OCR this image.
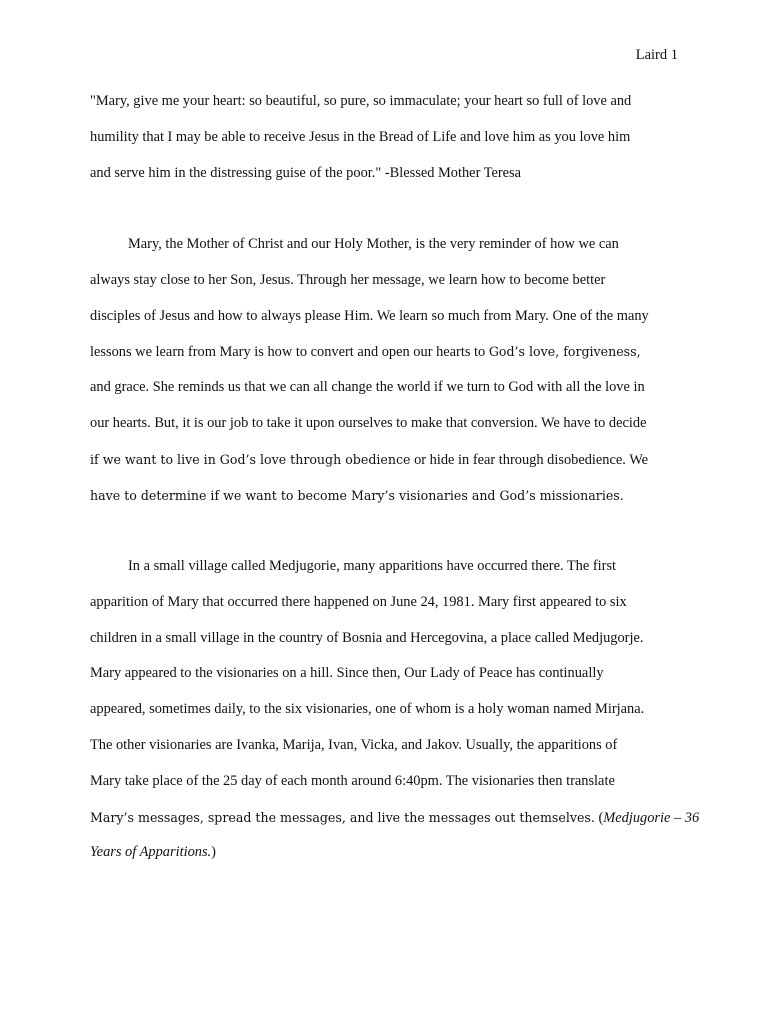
Laird 1
"Mary, give me your heart: so beautiful, so pure, so immaculate; your heart so full of love and
humility that I may be able to receive Jesus in the Bread of Life and love him as you love him
and serve him in the distressing guise of the poor." -Blessed Mother Teresa
Mary, the Mother of Christ and our Holy Mother, is the very reminder of how we can
always stay close to her Son, Jesus. Through her message, we learn how to become better
disciples of Jesus and how to always please Him. We learn so much from Mary. One of the many
lessons we learn from Mary is how to convert and open our hearts to God’s love, forgiveness,
and grace. She reminds us that we can all change the world if we turn to God with all the love in
our hearts. But, it is our job to take it upon ourselves to make that conversion. We have to decide
if we want to live in God’s love through obedience or hide in fear through disobedience. We
have to determine if we want to become Mary’s visionaries and God’s missionaries.
In a small village called Medjugorie, many apparitions have occurred there. The first
apparition of Mary that occurred there happened on June 24, 1981. Mary first appeared to six
children in a small village in the country of Bosnia and Hercegovina, a place called Medjugorje.
Mary appeared to the visionaries on a hill. Since then, Our Lady of Peace has continually
appeared, sometimes daily, to the six visionaries, one of whom is a holy woman named Mirjana.
The other visionaries are Ivanka, Marija, Ivan, Vicka, and Jakov. Usually, the apparitions of
Mary take place of the 25 day of each month around 6:40pm. The visionaries then translate
Mary’s messages, spread the messages, and live the messages out themselves. (Medjugorie – 36
Years of Apparitions.)
